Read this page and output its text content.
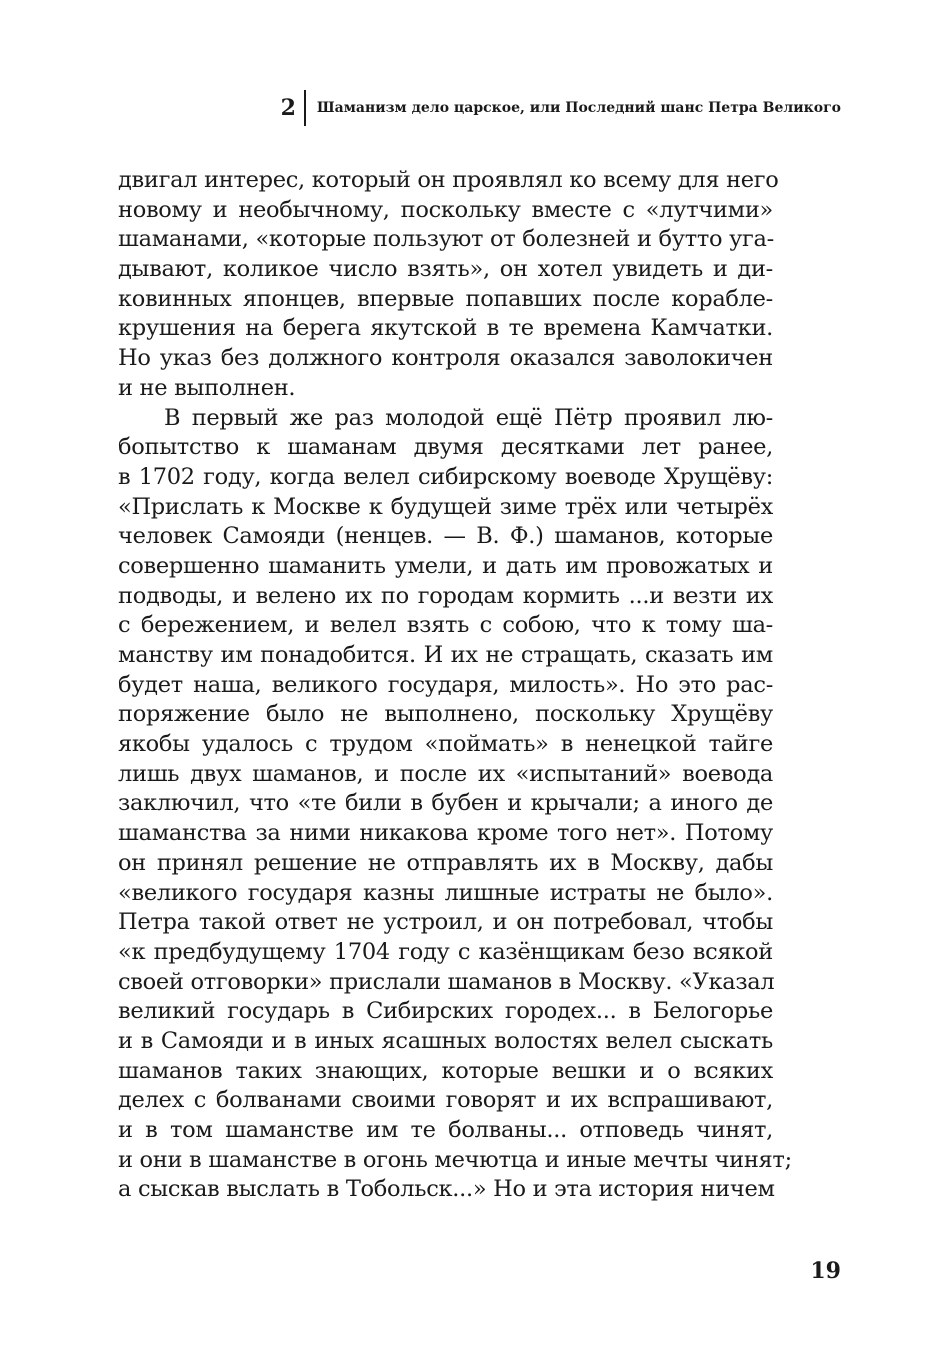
2	Шаманизм дело царское, или Последний шанс Петра Великого
двигал интерес, который он проявлял ко всему для него
новому и необычному, поскольку вместе с «лутчими»
шаманами, «которые пользуют от болезней и бутто уга-
дывают, коликое число взять», он хотел увидеть и ди-
ковинных японцев, впервые попавших после корабле-
крушения на берега якутской в те времена Камчатки.
Но указ без должного контроля оказался заволокичен
и не выполнен.
В первый же раз молодой ещё Пётр проявил лю-
бопытство к шаманам двумя десятками лет ранее,
в 1702 году, когда велел сибирскому воеводе Хрущёву:
«Прислать к Москве к будущей зиме трёх или четырёх
человек Самояди (ненцев. — В. Ф.) шаманов, которые
совершенно шаманить умели, и дать им провожатых и
подводы, и велено их по городам кормить ...и везти их
с бережением, и велел взять с собою, что к тому ша-
манству им понадобится. И их не стращать, сказать им
будет наша, великого государя, милость». Но это рас-
поряжение было не выполнено, поскольку Хрущёву
якобы удалось с трудом «поймать» в ненецкой тайге
лишь двух шаманов, и после их «испытаний» воевода
заключил, что «те били в бубен и крычали; а иного де
шаманства за ними никакова кроме того нет». Потому
он принял решение не отправлять их в Москву, дабы
«великого государя казны лишные истраты не было».
Петра такой ответ не устроил, и он потребовал, чтобы
«к предбудущему 1704 году с казёнщикам безо всякой
своей отговорки» прислали шаманов в Москву. «Указал
великий государь в Сибирских городех... в Белогорье
и в Самояди и в иных ясашных волостях велел сыскать
шаманов таких знающих, которые вешки и о всяких
делех с болванами своими говорят и их вспрашивают,
и в том шаманстве им те болваны... отповедь чинят,
и они в шаманстве в огонь мечютца и иные мечты чинят;
а сыскав выслать в Тобольск...» Но и эта история ничем
19
